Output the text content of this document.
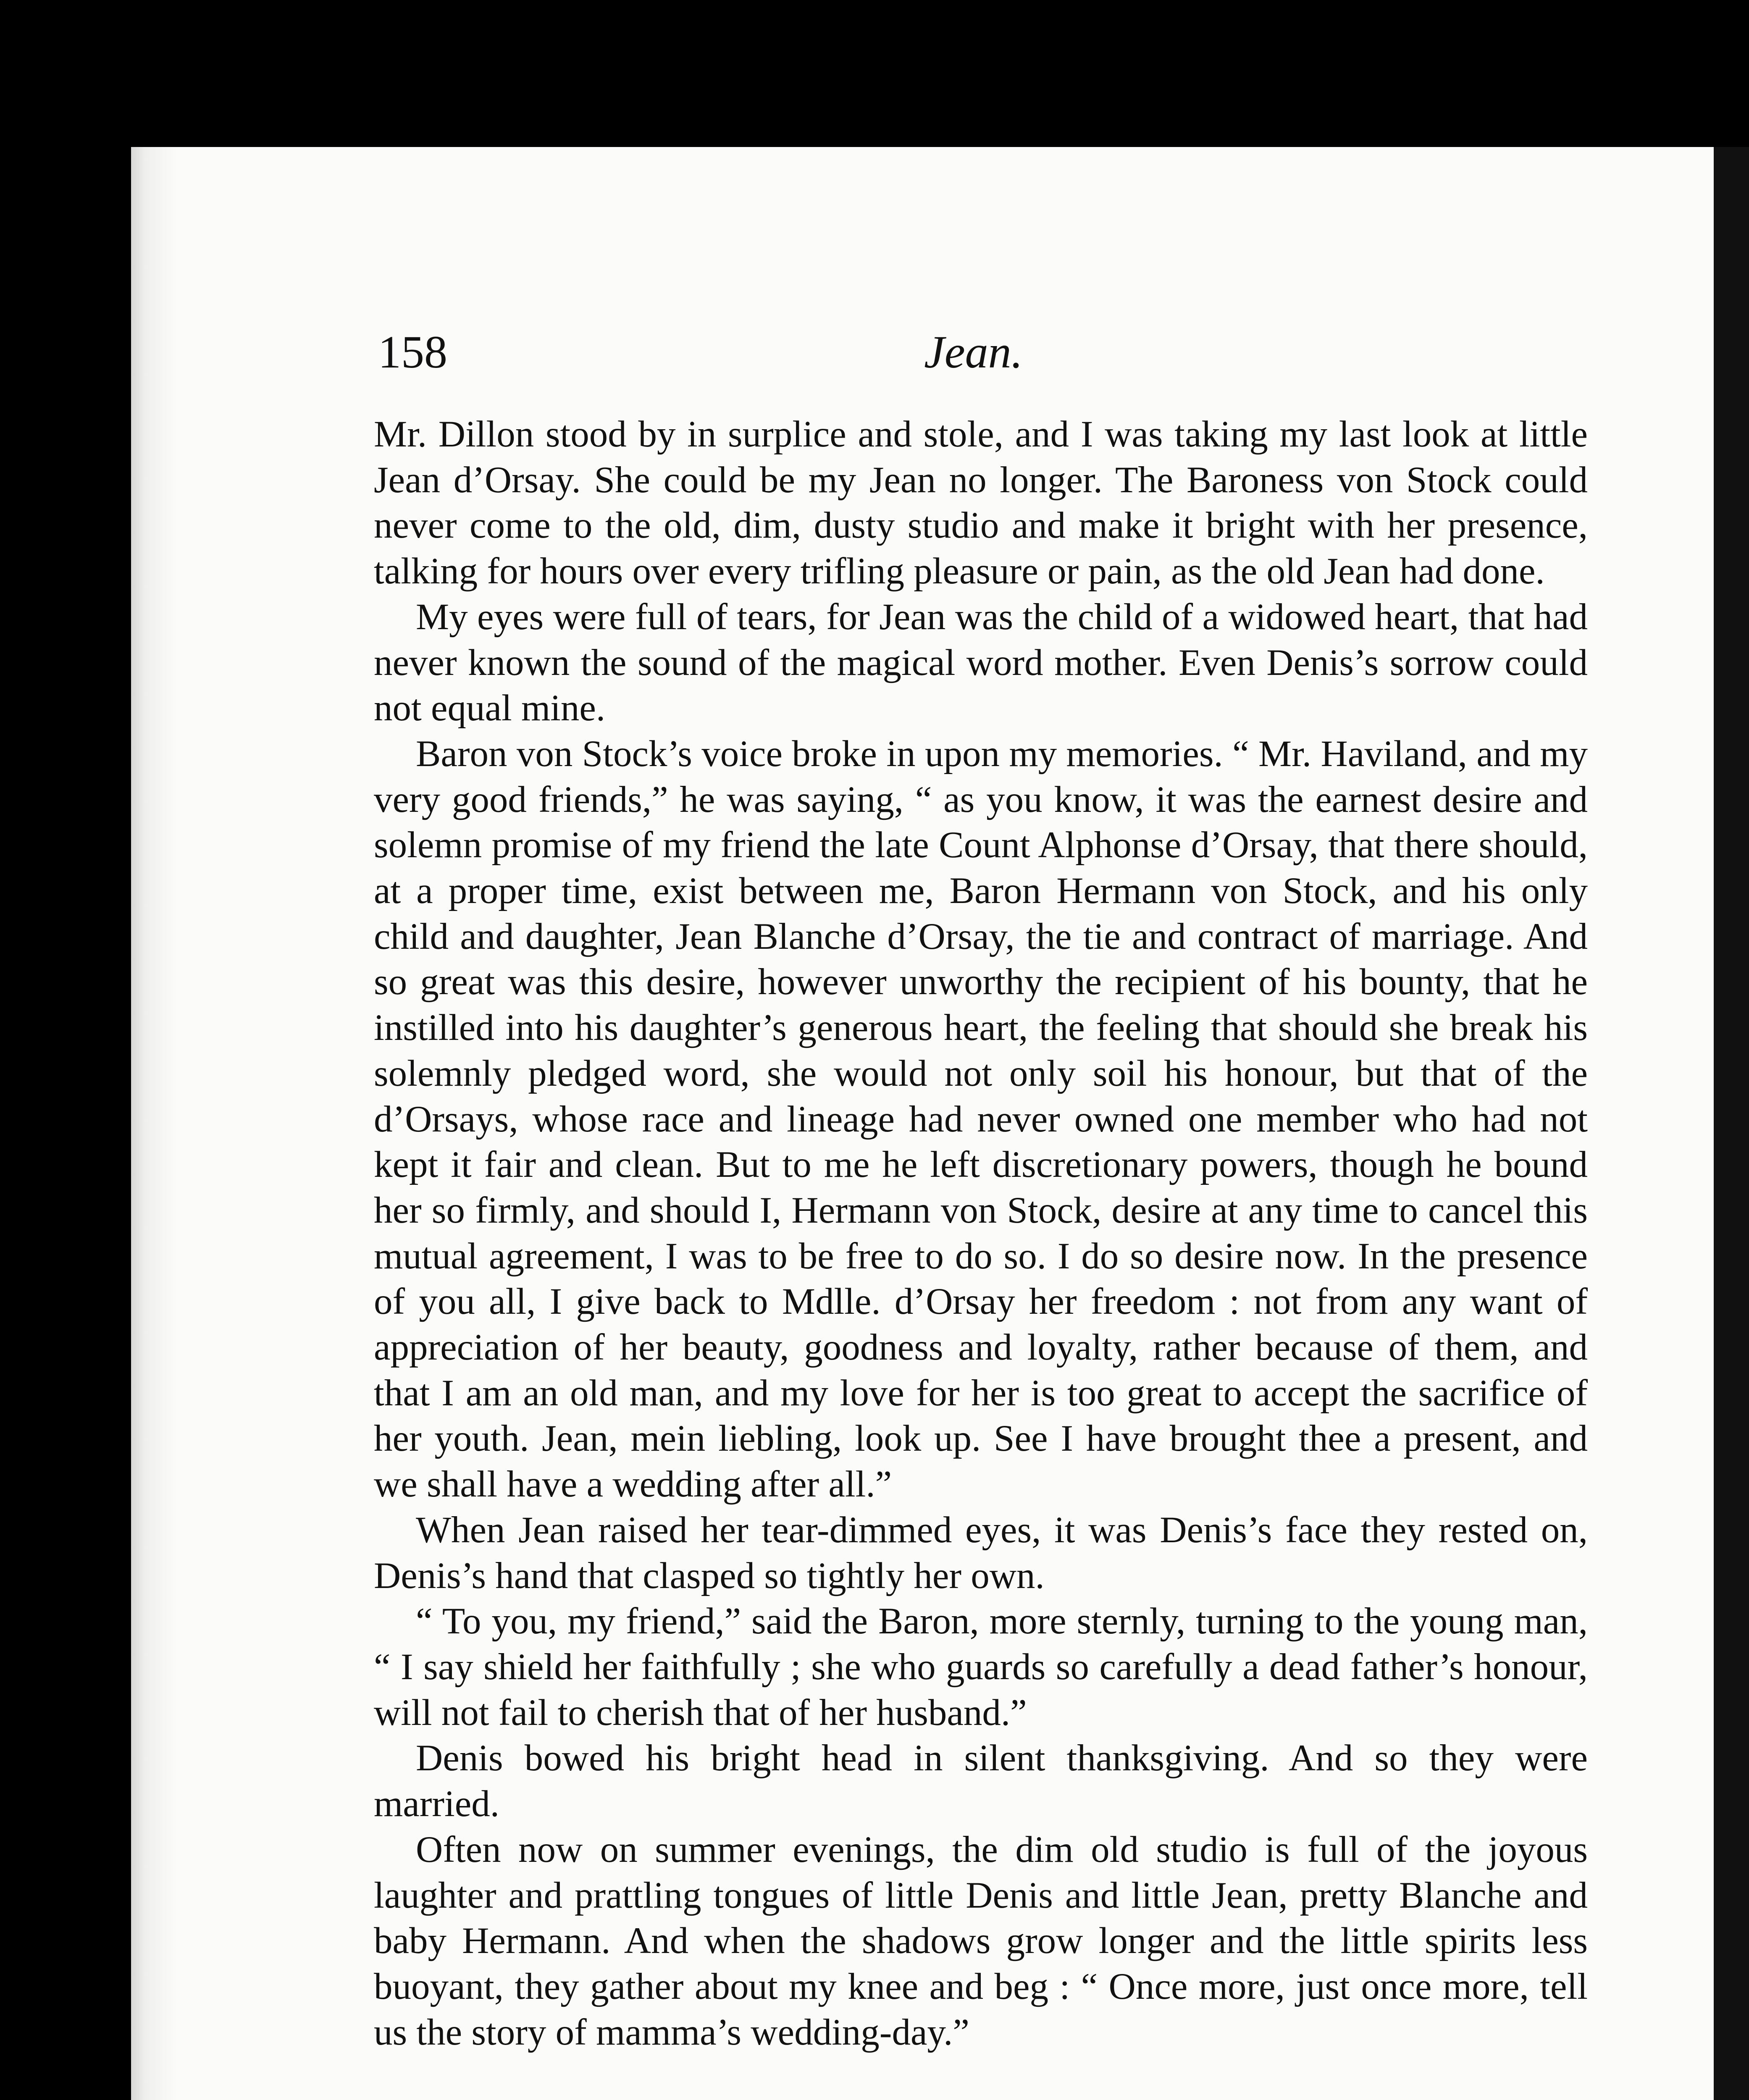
158	Jean.

Mr. Dillon stood by in surplice and stole, and I was taking my last look at little Jean d’Orsay. She could be my Jean no longer. The Baroness von Stock could never come to the old, dim, dusty studio and make it bright with her presence, talking for hours over every trifling pleasure or pain, as the old Jean had done.

My eyes were full of tears, for Jean was the child of a widowed heart, that had never known the sound of the magical word mother. Even Denis’s sorrow could not equal mine.

Baron von Stock’s voice broke in upon my memories. “ Mr. Haviland, and my very good friends,” he was saying, “ as you know, it was the earnest desire and solemn promise of my friend the late Count Alphonse d’Orsay, that there should, at a proper time, exist between me, Baron Hermann von Stock, and his only child and daughter, Jean Blanche d’Orsay, the tie and contract of marriage. And so great was this desire, however unworthy the recipient of his bounty, that he instilled into his daughter’s generous heart, the feeling that should she break his solemnly pledged word, she would not only soil his honour, but that of the d’Orsays, whose race and lineage had never owned one member who had not kept it fair and clean. But to me he left discretionary powers, though he bound her so firmly, and should I, Hermann von Stock, desire at any time to cancel this mutual agreement, I was to be free to do so. I do so desire now. In the presence of you all, I give back to Mdlle. d’Orsay her freedom : not from any want of appreciation of her beauty, goodness and loyalty, rather because of them, and that I am an old man, and my love for her is too great to accept the sacrifice of her youth. Jean, mein liebling, look up. See I have brought thee a present, and we shall have a wedding after all.”

When Jean raised her tear-dimmed eyes, it was Denis’s face they rested on, Denis’s hand that clasped so tightly her own.

“ To you, my friend,” said the Baron, more sternly, turning to the young man, “ I say shield her faithfully ; she who guards so carefully a dead father’s honour, will not fail to cherish that of her husband.”

Denis bowed his bright head in silent thanksgiving. And so they were married.

Often now on summer evenings, the dim old studio is full of the joyous laughter and prattling tongues of little Denis and little Jean, pretty Blanche and baby Hermann. And when the shadows grow longer and the little spirits less buoyant, they gather about my knee and beg : “ Once more, just once more, tell us the story of mamma’s wedding-day.”
